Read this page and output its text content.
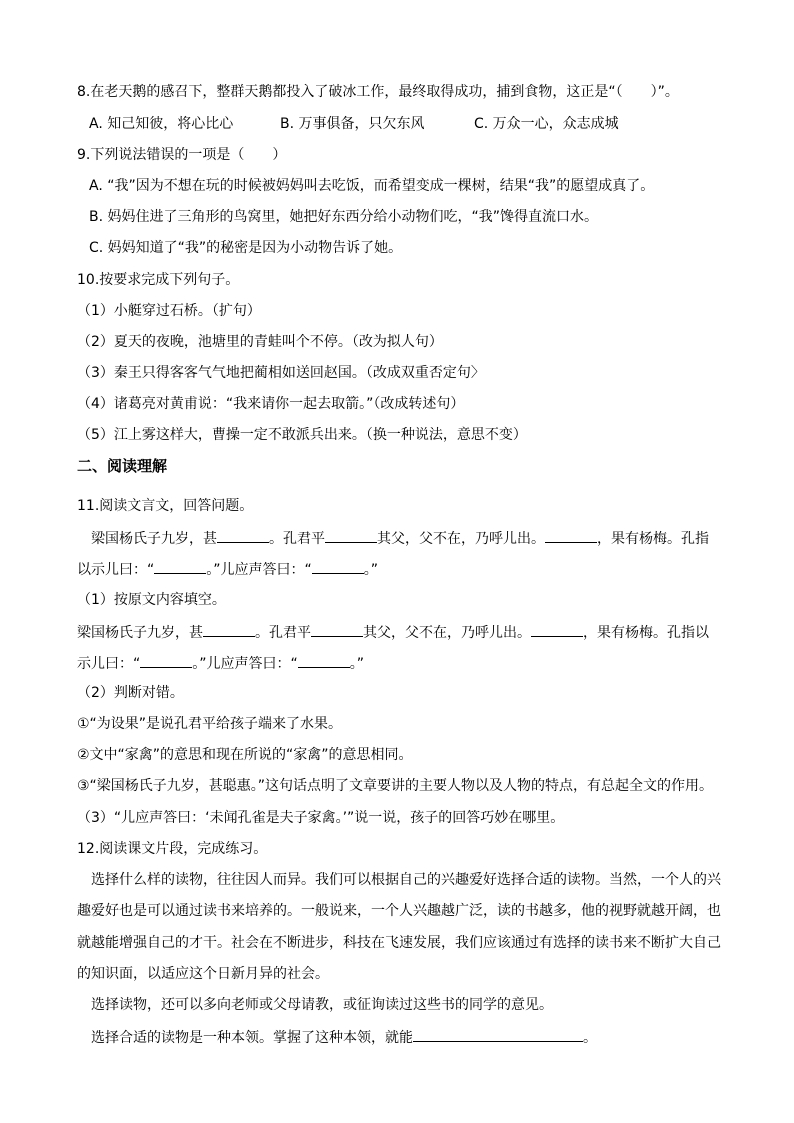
8.在老天鹅的感召下，整群天鹅都投入了破冰工作，最终取得成功，捕到食物，这正是“（　　）”。
A. 知己知彼，将心比心	B. 万事俱备，只欠东风	C. 万众一心，众志成城
9.下列说法错误的一项是（　　）
A. “我”因为不想在玩的时候被妈妈叫去吃饭，而希望变成一棵树，结果“我”的愿望成真了。
B. 妈妈住进了三角形的鸟窝里，她把好东西分给小动物们吃，“我”馋得直流口水。
C. 妈妈知道了“我”的秘密是因为小动物告诉了她。
10.按要求完成下列句子。
（1）小艇穿过石桥。（扩句）
（2）夏天的夜晚，池塘里的青蛙叫个不停。（改为拟人句）
（3）秦王只得客客气气地把蔺相如送回赵国。（改成双重否定句〉
（4）诸葛亮对黄甫说：“我来请你一起去取箭。”（改成转述句）
（5）江上雾这样大，曹操一定不敢派兵出来。（换一种说法，意思不变）
二、阅读理解
11.阅读文言文，回答问题。
梁国杨氏子九岁，甚	。孔君平	其父，父不在，乃呼儿出。	，果有杨梅。孔指
以示儿曰：“	。”儿应声答曰：“	。”
（1）按原文内容填空。
梁国杨氏子九岁，甚	。孔君平	其父，父不在，乃呼儿出。	，果有杨梅。孔指以
示儿曰：“	。”儿应声答曰：“	。”
（2）判断对错。
①“为设果”是说孔君平给孩子端来了水果。
②文中“家禽”的意思和现在所说的“家禽”的意思相同。
③“梁国杨氏子九岁，甚聪惠。”这句话点明了文章要讲的主要人物以及人物的特点，有总起全文的作用。
（3）“儿应声答曰：‘未闻孔雀是夫子家禽。’”说一说，孩子的回答巧妙在哪里。
12.阅读课文片段，完成练习。
选择什么样的读物，往往因人而异。我们可以根据自己的兴趣爱好选择合适的读物。当然，一个人的兴
趣爱好也是可以通过读书来培养的。一般说来，一个人兴趣越广泛，读的书越多，他的视野就越开阔，也
就越能增强自己的才干。社会在不断进步，科技在飞速发展，我们应该通过有选择的读书来不断扩大自己
的知识面，以适应这个日新月异的社会。
选择读物，还可以多向老师或父母请教，或征询读过这些书的同学的意见。
选择合适的读物是一种本领。掌握了这种本领，就能	。
